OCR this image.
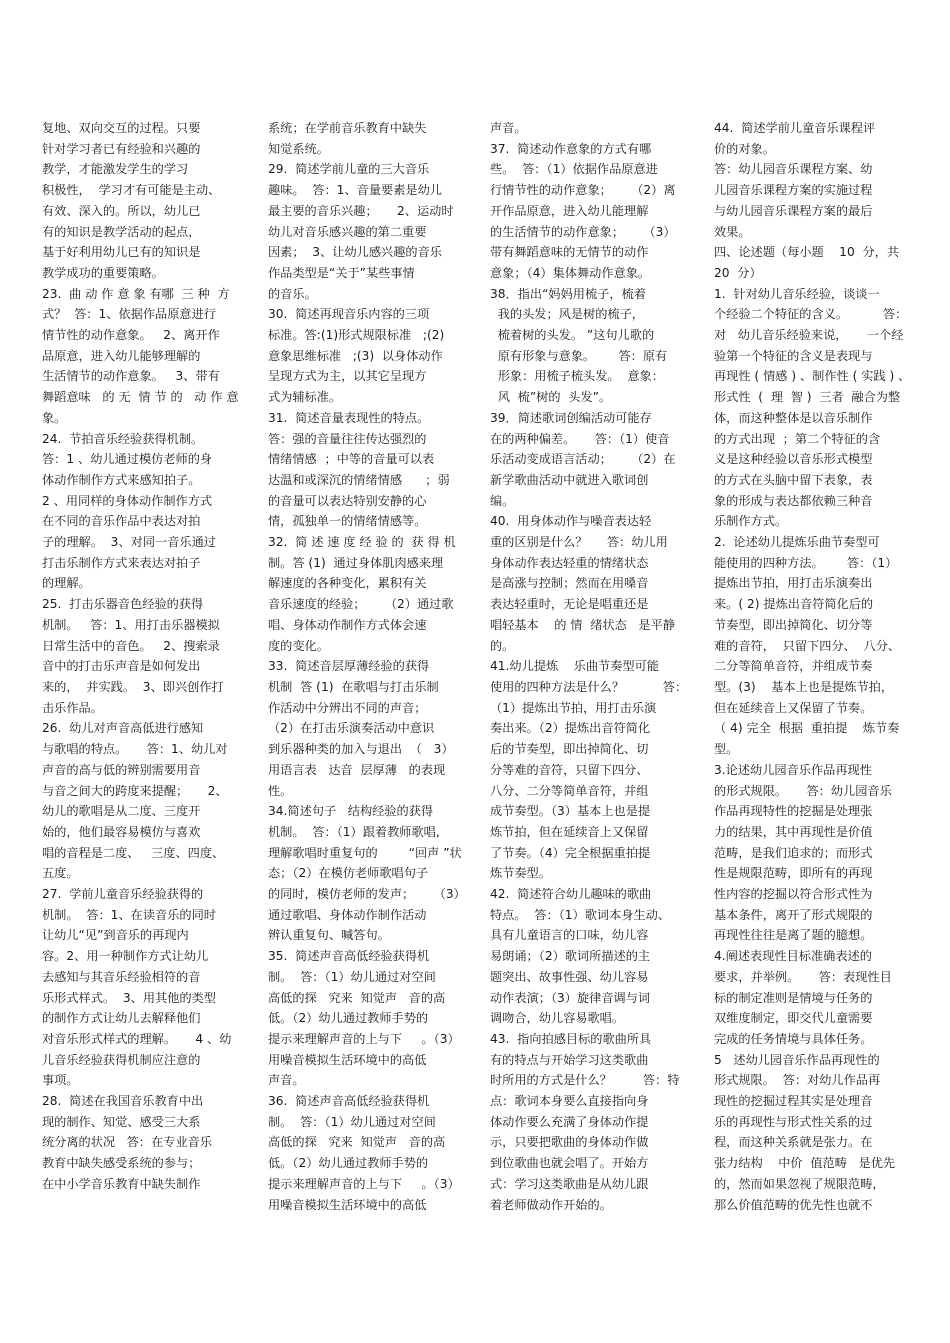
复地、双向交互的过程。只要

针对学习者已有经验和兴趣的

教学，才能激发学生的学习

积极性，  学习才有可能是主动、

有效、深入的。所以，幼儿已

有的知识是教学活动的起点，

基于好利用幼儿已有的知识是

教学成功的重要策略。

23.  曲 动 作 意 象 有哪  三 种  方

式？  答：1、依据作品原意进行

情节性的动作意象。   2、离开作

品原意，进入幼儿能够理解的

生活情节的动作意象。   3、带有

舞蹈意味   的 无  情 节 的   动 作 意

象。

24.  节拍音乐经验获得机制。

答：1 、幼儿通过模仿老师的身

体动作制作方式来感知拍子。

2 、用同样的身体动作制作方式

在不同的音乐作品中表达对拍

子的理解。  3、对同一音乐通过

打击乐制作方式来表达对拍子

的理解。

25.  打击乐器音色经验的获得

机制。   答：1、用打击乐器模拟

日常生活中的音色。   2、搜索录

音中的打击乐声音是如何发出

来的，  并实践。  3、即兴创作打

击乐作品。

26.  幼儿对声音高低进行感知

与歌唱的特点。     答：1、幼儿对

声音的高与低的辨别需要用音

与音之间大的跨度来提醒；     2、

幼儿的歌唱是从二度、三度开

始的，他们最容易模仿与喜欢

唱的音程是二度、   三度、四度、

五度。

27.  学前儿童音乐经验获得的

机制。  答：1、在读音乐的同时

让幼儿“见”到音乐的再现内

容。2、用一种制作方式让幼儿

去感知与其音乐经验相符的音

乐形式样式。  3、用其他的类型

的制作方式让幼儿去解释他们

对音乐形式样式的理解。     4 、幼

儿音乐经验获得机制应注意的

事项。

28.  简述在我国音乐教育中出

现的制作、知觉、感受三大系

统分离的状况   答：在专业音乐

教育中缺失感受系统的参与；

在中小学音乐教育中缺失制作

系统；在学前音乐教育中缺失

知觉系统。

29.  简述学前儿童的三大音乐

趣味。  答：1、音量要素是幼儿

最主要的音乐兴趣；     2、运动时

幼儿对音乐感兴趣的第二重要

因素；  3、让幼儿感兴趣的音乐

作品类型是“关于”某些事情

的音乐。

30.  简述再现音乐内容的三项

标准。答:(1)形式规限标准   ;(2)

意象思维标准   ;(3)  以身体动作

呈现方式为主，以其它呈现方

式为辅标准。

31.  简述音量表现性的特点。

答：强的音量往往传达强烈的

情绪情感  ；中等的音量可以表

达温和或深沉的情绪情感      ；弱

的音量可以表达特别安静的心

情，孤独单一的情绪情感等。

32.  简 述 速 度 经 验 的  获 得 机

制。答 (1)  通过身体肌肉感来理

解速度的各种变化，累积有关

音乐速度的经验；     （2）通过歌

唱、身体动作制作方式体会速

度的变化。

33.  简述音层厚薄经验的获得

机制  答 (1)  在歌唱与打击乐制

作活动中分辨出不同的声音；

（2）在打击乐演奏活动中意识

到乐器种类的加入与退出  （   3）

用语言表   达音  层厚薄   的表现

性。

34.简述句子   结构经验的获得

机制。  答：（1）跟着教师歌唱,

理解歌唱时重复句的        “回声 ”状

态；（2）在模仿老师歌唱句子

的同时，模仿老师的发声；     （3）

通过歌唱、身体动作制作活动

辨认重复句、喊答句。

35.  简述声音高低经验获得机

制。  答：（1）幼儿通过对空间

高低的探   究来  知觉声   音的高

低。（2）幼儿通过教师手势的

提示来理解声音的上与下     。（3）

用噪音模拟生活环境中的高低

声音。

36.  简述声音高低经验获得机

制。  答：（1）幼儿通过对空间

高低的探   究来  知觉声   音的高

低。（2）幼儿通过教师手势的

提示来理解声音的上与下     。（3）

用噪音模拟生活环境中的高低

声音。

37.  简述动作意象的方式有哪

些。  答：（1）依据作品原意进

行情节性的动作意象；     （2）离

开作品原意，进入幼儿能理解

的生活情节的动作意象；     （3）

带有舞蹈意味的无情节的动作

意象；（4）集体舞动作意象。

38．指出“妈妈用梳子，梳着

我的头发；风是树的梳子，

梳着树的头发。 ”这句儿歌的

原有形象与意象。      答：原有

形象：用梳子梳头发。  意象：

风  梳”树的  头发”。

39．简述歌词创编活动可能存

在的两种偏差。     答：（1）使音

乐活动变成语言活动；     （2）在

新学歌曲活动中就进入歌词创

编。

40.  用身体动作与噪音表达轻

重的区别是什么？     答：幼儿用

身体动作表达轻重的情绪状态

是高涨与控制；然而在用嗓音

表达轻重时，无论是唱重还是

唱轻基本    的 情  绪状态   是平静

的。

41.幼儿提炼    乐曲节奏型可能

使用的四种方法是什么？          答：

（1）提炼出节拍，用打击乐演

奏出来。（2）提炼出音符简化

后的节奏型，即出掉简化、切

分等难的音符，只留下四分、

八分、二分等简单音符，并组

成节奏型。（3）基本上也是提

炼节拍，但在延续音上又保留

了节奏。（4）完全根据重拍提

炼节奏型。

42.  简述符合幼儿趣味的歌曲

特点。  答：（1）歌词本身生动、

具有儿童语言的口味，幼儿容

易朗诵；（2）歌词所描述的主

题突出、故事性强、幼儿容易

动作表演；（3）旋律音调与词

调吻合，幼儿容易歌唱。

43.  指向拍感目标的歌曲所具

有的特点与开始学习这类歌曲

时所用的方式是什么？        答：特

点：歌词本身要么直接指向身

体动作要么充满了身体动作提

示，只要把歌曲的身体动作做

到位歌曲也就会唱了。开始方

式：学习这类歌曲是从幼儿跟

着老师做动作开始的。

44.  简述学前儿童音乐课程评

价的对象。

答：幼儿园音乐课程方案、幼

儿园音乐课程方案的实施过程

与幼儿园音乐课程方案的最后

效果。

四、论述题（每小题    10  分，共

20  分）

1.  针对幼儿音乐经验，谈谈一

个经验二个特征的含义。         答：

对   幼儿音乐经验来说，     一个经

验第一个特征的含义是表现与

再现性 ( 情感 ) 、制作性 ( 实践 ) 、

形式性  (  理  智 )  三者  融合为整

体，而这种整体是以音乐制作

的方式出现  ；第二个特征的含

义是这种经验以音乐形式模型

的方式在头脑中留下表象，表

象的形成与表达都依赖三种音

乐制作方式。

2.  论述幼儿提炼乐曲节奏型可

能使用的四种方法。      答：（1）

提炼出节拍，用打击乐演奏出

来。( 2) 提炼出音符简化后的

节奏型，即出掉简化、切分等

难的音符，  只留下四分、  八分、

二分等简单音符，并组成节奏

型。(3)    基本上也是提炼节拍，

但在延续音上又保留了节奏。

（ 4) 完全  根据  重拍提    炼节奏

型。

3.论述幼儿园音乐作品再现性

的形式规限。     答：幼儿园音乐

作品再现特性的挖掘是处理张

力的结果，其中再现性是价值

范畴，是我们追求的；而形式

性是规限范畴，即所有的再现

性内容的挖掘以符合形式性为

基本条件，离开了形式规限的

再现性往往是离了题的臆想。

4.阐述表现性目标准确表述的

要求，并举例。     答：表现性目

标的制定准则是情境与任务的

双维度制定，即交代儿童需要

完成的任务情境与具体任务。

5   述幼儿园音乐作品再现性的

形式规限。  答：对幼儿作品再

现性的挖掘过程其实是处理音

乐的再现性与形式性关系的过

程，而这种关系就是张力。在

张力结构    中价  值范畴   是优先

的，然而如果忽视了规限范畴，

那么价值范畴的优先性也就不
